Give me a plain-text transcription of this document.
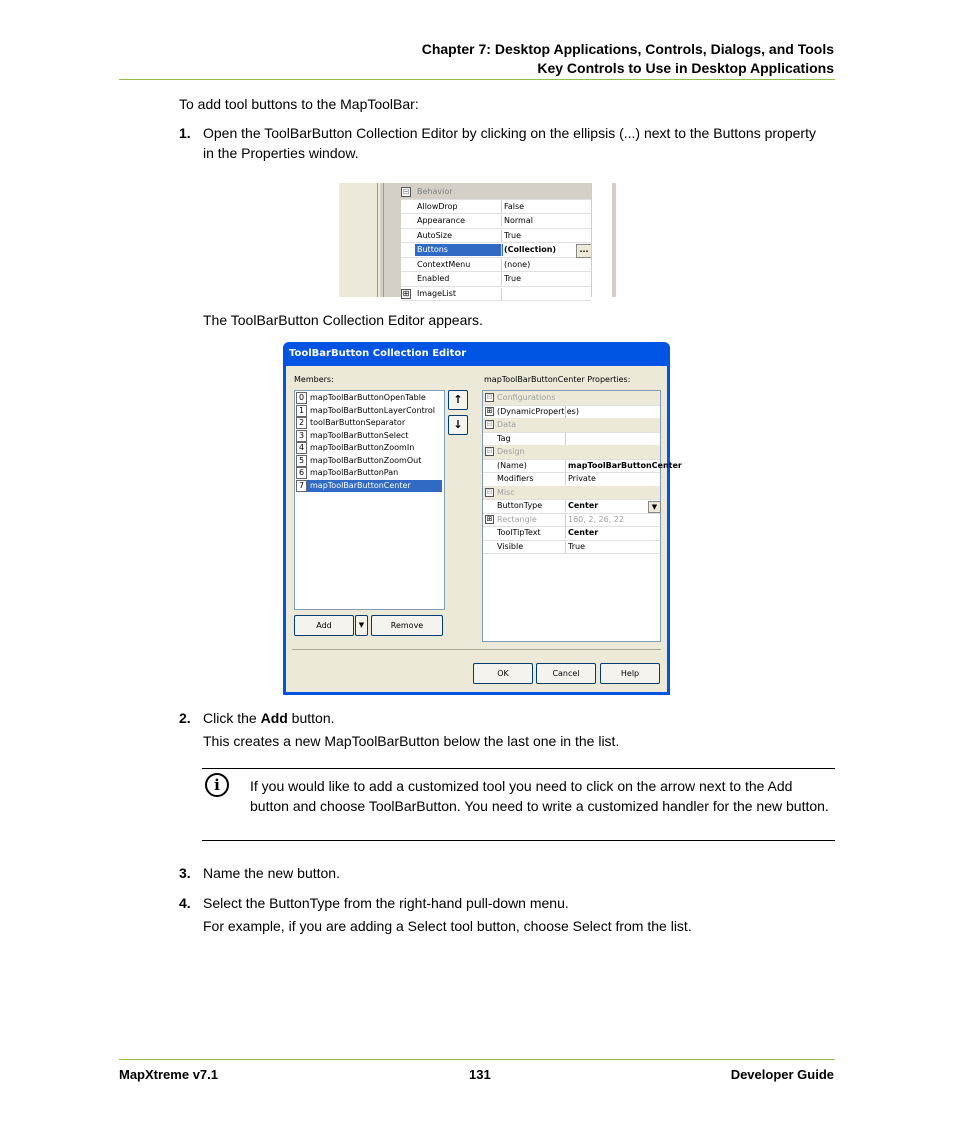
Chapter 7: Desktop Applications, Controls, Dialogs, and Tools
Key Controls to Use in Desktop Applications
To add tool buttons to the MapToolBar:
1. Open the ToolBarButton Collection Editor by clicking on the ellipsis (...) next to the Buttons property in the Properties window.
⊟ Behavior
AllowDrop	False
Appearance	Normal
AutoSize	True
Buttons	(Collection)	...
ContextMenu	(none)
Enabled	True
⊞ ImageList
The ToolBarButton Collection Editor appears.
ToolBarButton Collection Editor
Members:
0 mapToolBarButtonOpenTable
1 mapToolBarButtonLayerControl
2 toolBarButtonSeparator
3 mapToolBarButtonSelect
4 mapToolBarButtonZoomIn
5 mapToolBarButtonZoomOut
6 mapToolBarButtonPan
7 mapToolBarButtonCenter
↑
↓
Add	▼	Remove
mapToolBarButtonCenter Properties:
⊟ Configurations
⊞ (DynamicProperties)
⊟ Data
Tag
⊟ Design
(Name)	mapToolBarButtonCenter
Modifiers	Private
⊟ Misc
ButtonType	Center	▼
⊞ Rectangle	160, 2, 26, 22
ToolTipText	Center
Visible	True
OK	Cancel	Help
2. Click the Add button.
This creates a new MapToolBarButton below the last one in the list.
i	If you would like to add a customized tool you need to click on the arrow next to the Add button and choose ToolBarButton. You need to write a customized handler for the new button.
3. Name the new button.
4. Select the ButtonType from the right-hand pull-down menu.
For example, if you are adding a Select tool button, choose Select from the list.
MapXtreme v7.1	131	Developer Guide
